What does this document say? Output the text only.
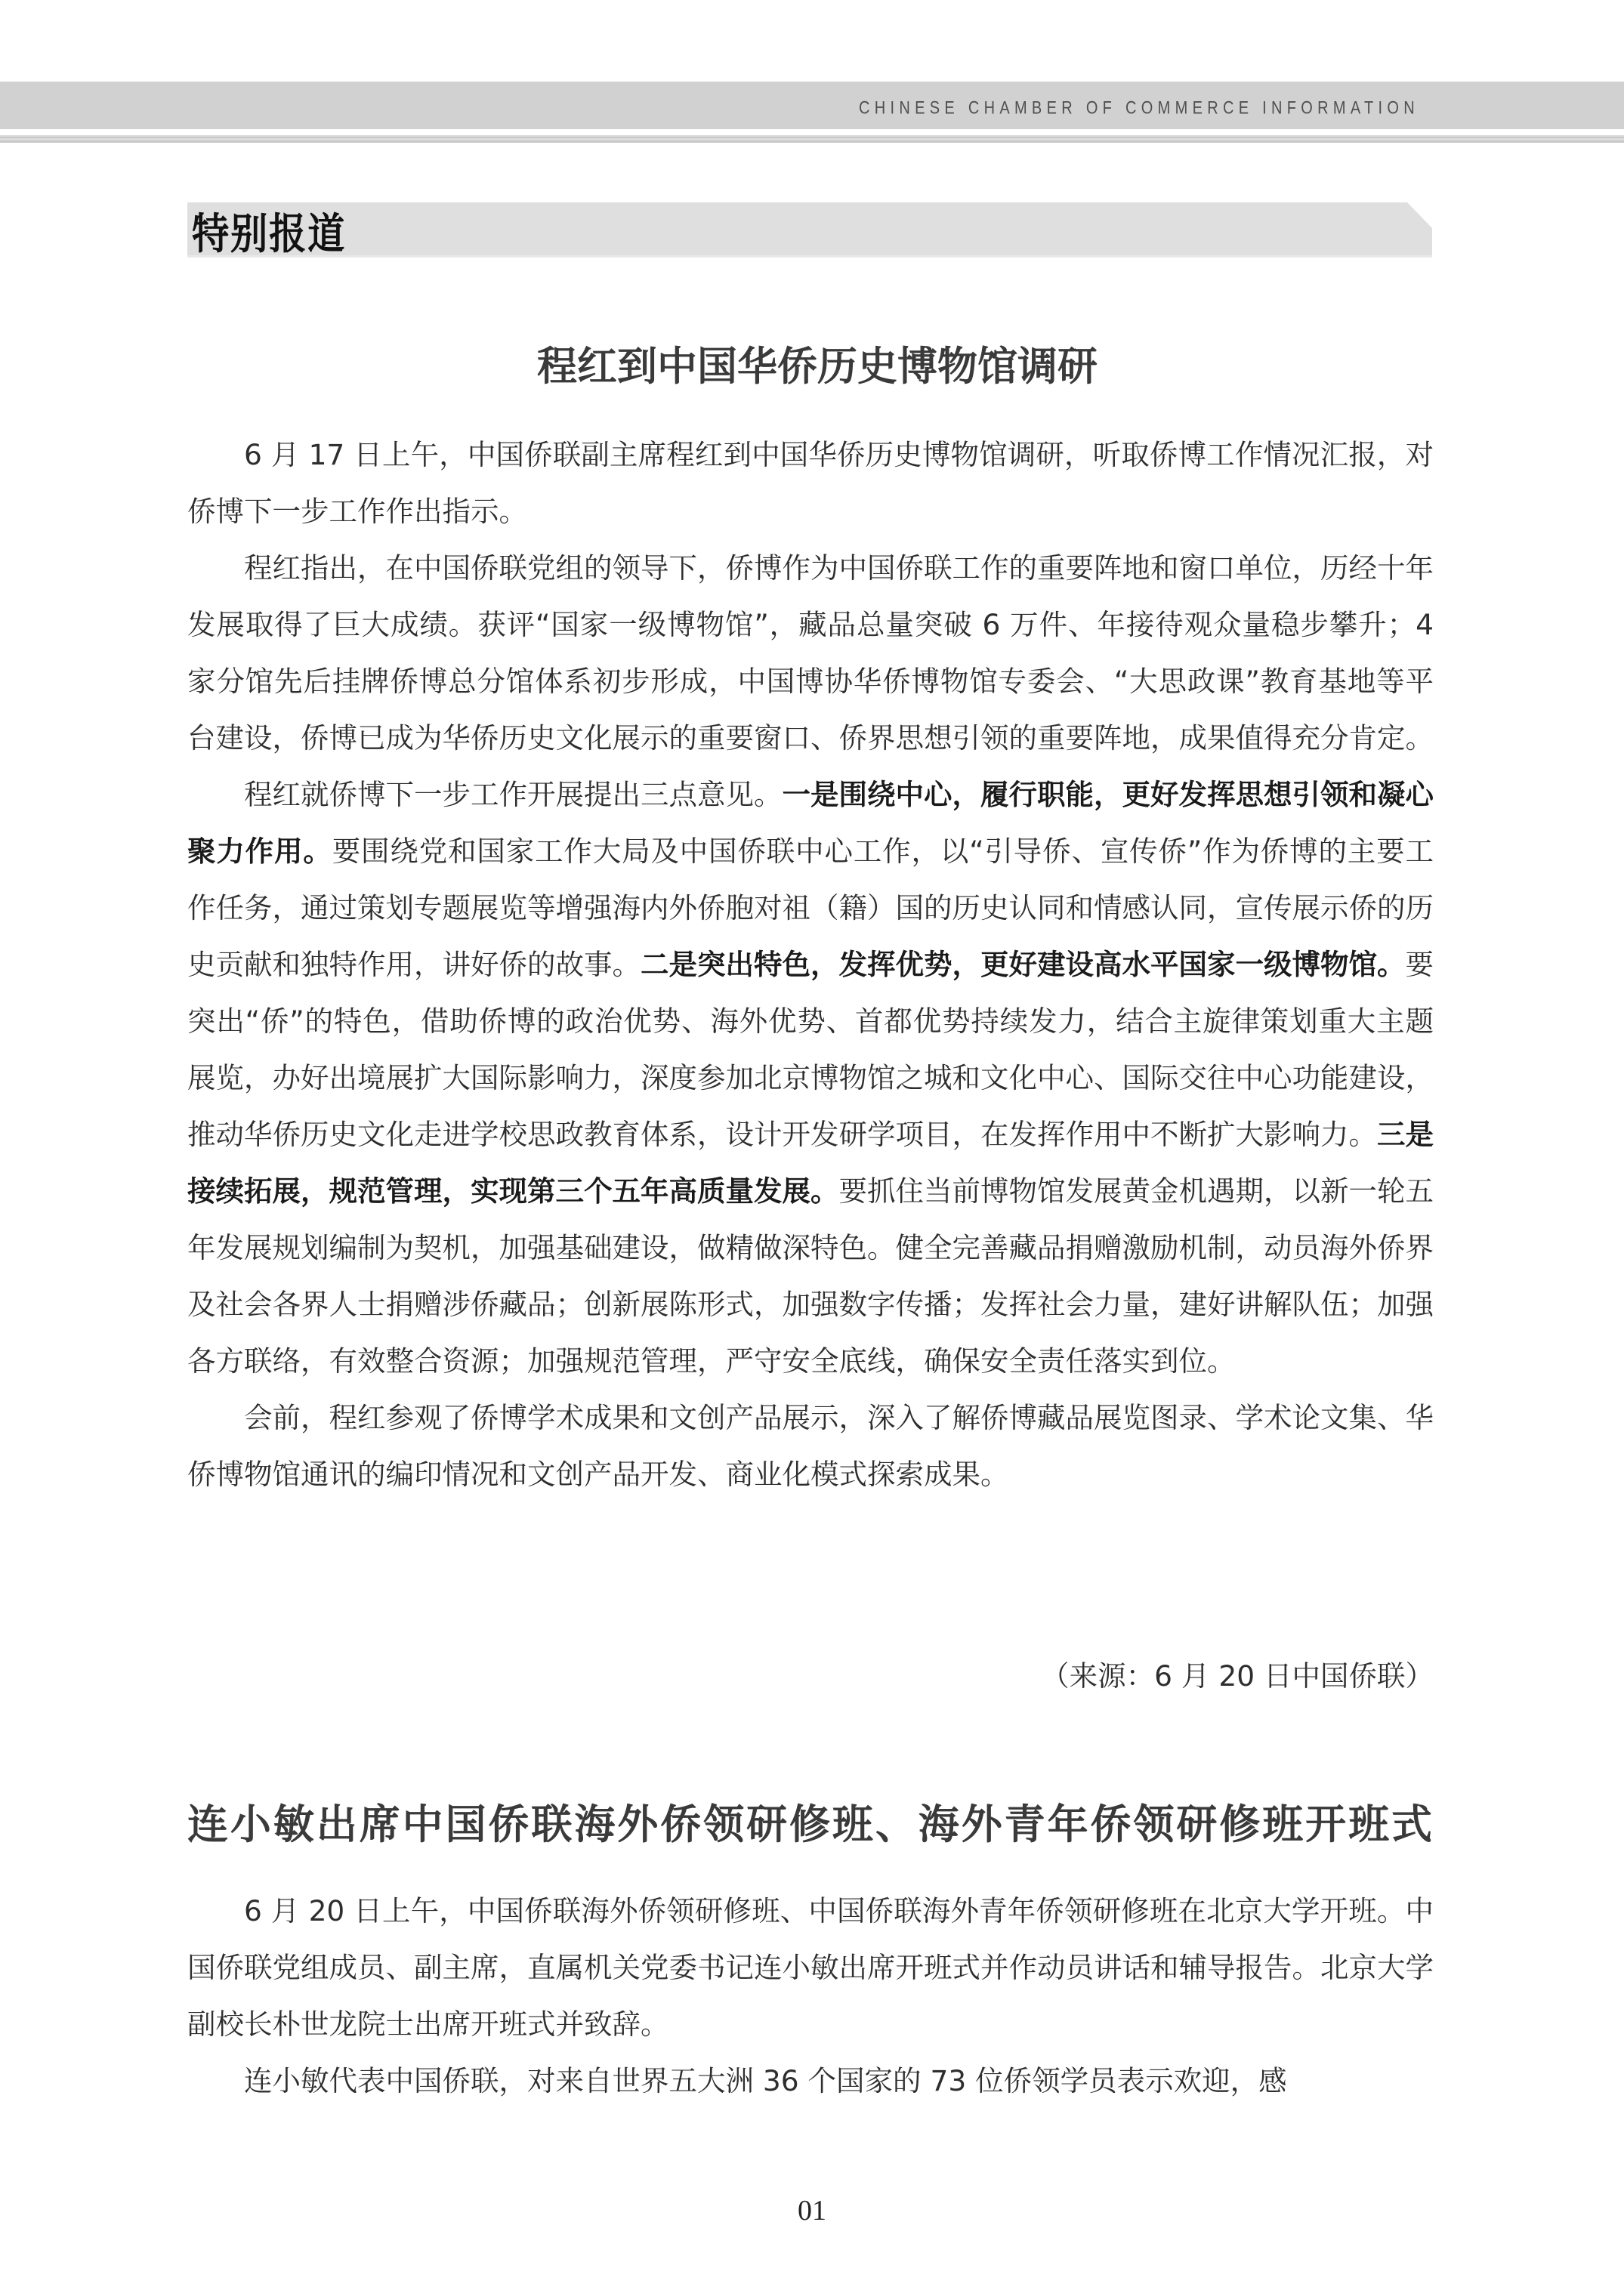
CHINESE CHAMBER OF COMMERCE INFORMATION
特别报道
程红到中国华侨历史博物馆调研

6 月 17 日上午，中国侨联副主席程红到中国华侨历史博物馆调研，听取侨博工作情况汇报，对侨博下一步工作作出指示。

程红指出，在中国侨联党组的领导下，侨博作为中国侨联工作的重要阵地和窗口单位，历经十年发展取得了巨大成绩。获评“国家一级博物馆”，藏品总量突破 6 万件、年接待观众量稳步攀升；4 家分馆先后挂牌侨博总分馆体系初步形成，中国博协华侨博物馆专委会、“大思政课”教育基地等平台建设，侨博已成为华侨历史文化展示的重要窗口、侨界思想引领的重要阵地，成果值得充分肯定。

程红就侨博下一步工作开展提出三点意见。一是围绕中心，履行职能，更好发挥思想引领和凝心聚力作用。要围绕党和国家工作大局及中国侨联中心工作，以“引导侨、宣传侨”作为侨博的主要工作任务，通过策划专题展览等增强海内外侨胞对祖（籍）国的历史认同和情感认同，宣传展示侨的历史贡献和独特作用，讲好侨的故事。二是突出特色，发挥优势，更好建设高水平国家一级博物馆。要突出“侨”的特色，借助侨博的政治优势、海外优势、首都优势持续发力，结合主旋律策划重大主题展览，办好出境展扩大国际影响力，深度参加北京博物馆之城和文化中心、国际交往中心功能建设，推动华侨历史文化走进学校思政教育体系，设计开发研学项目，在发挥作用中不断扩大影响力。三是接续拓展，规范管理，实现第三个五年高质量发展。要抓住当前博物馆发展黄金机遇期，以新一轮五年发展规划编制为契机，加强基础建设，做精做深特色。健全完善藏品捐赠激励机制，动员海外侨界及社会各界人士捐赠涉侨藏品；创新展陈形式，加强数字传播；发挥社会力量，建好讲解队伍；加强各方联络，有效整合资源；加强规范管理，严守安全底线，确保安全责任落实到位。

会前，程红参观了侨博学术成果和文创产品展示，深入了解侨博藏品展览图录、学术论文集、华侨博物馆通讯的编印情况和文创产品开发、商业化模式探索成果。

（来源：6 月 20 日中国侨联）
连小敏出席中国侨联海外侨领研修班、海外青年侨领研修班开班式

6 月 20 日上午，中国侨联海外侨领研修班、中国侨联海外青年侨领研修班在北京大学开班。中国侨联党组成员、副主席，直属机关党委书记连小敏出席开班式并作动员讲话和辅导报告。北京大学副校长朴世龙院士出席开班式并致辞。

连小敏代表中国侨联，对来自世界五大洲 36 个国家的 73 位侨领学员表示欢迎，感

01
